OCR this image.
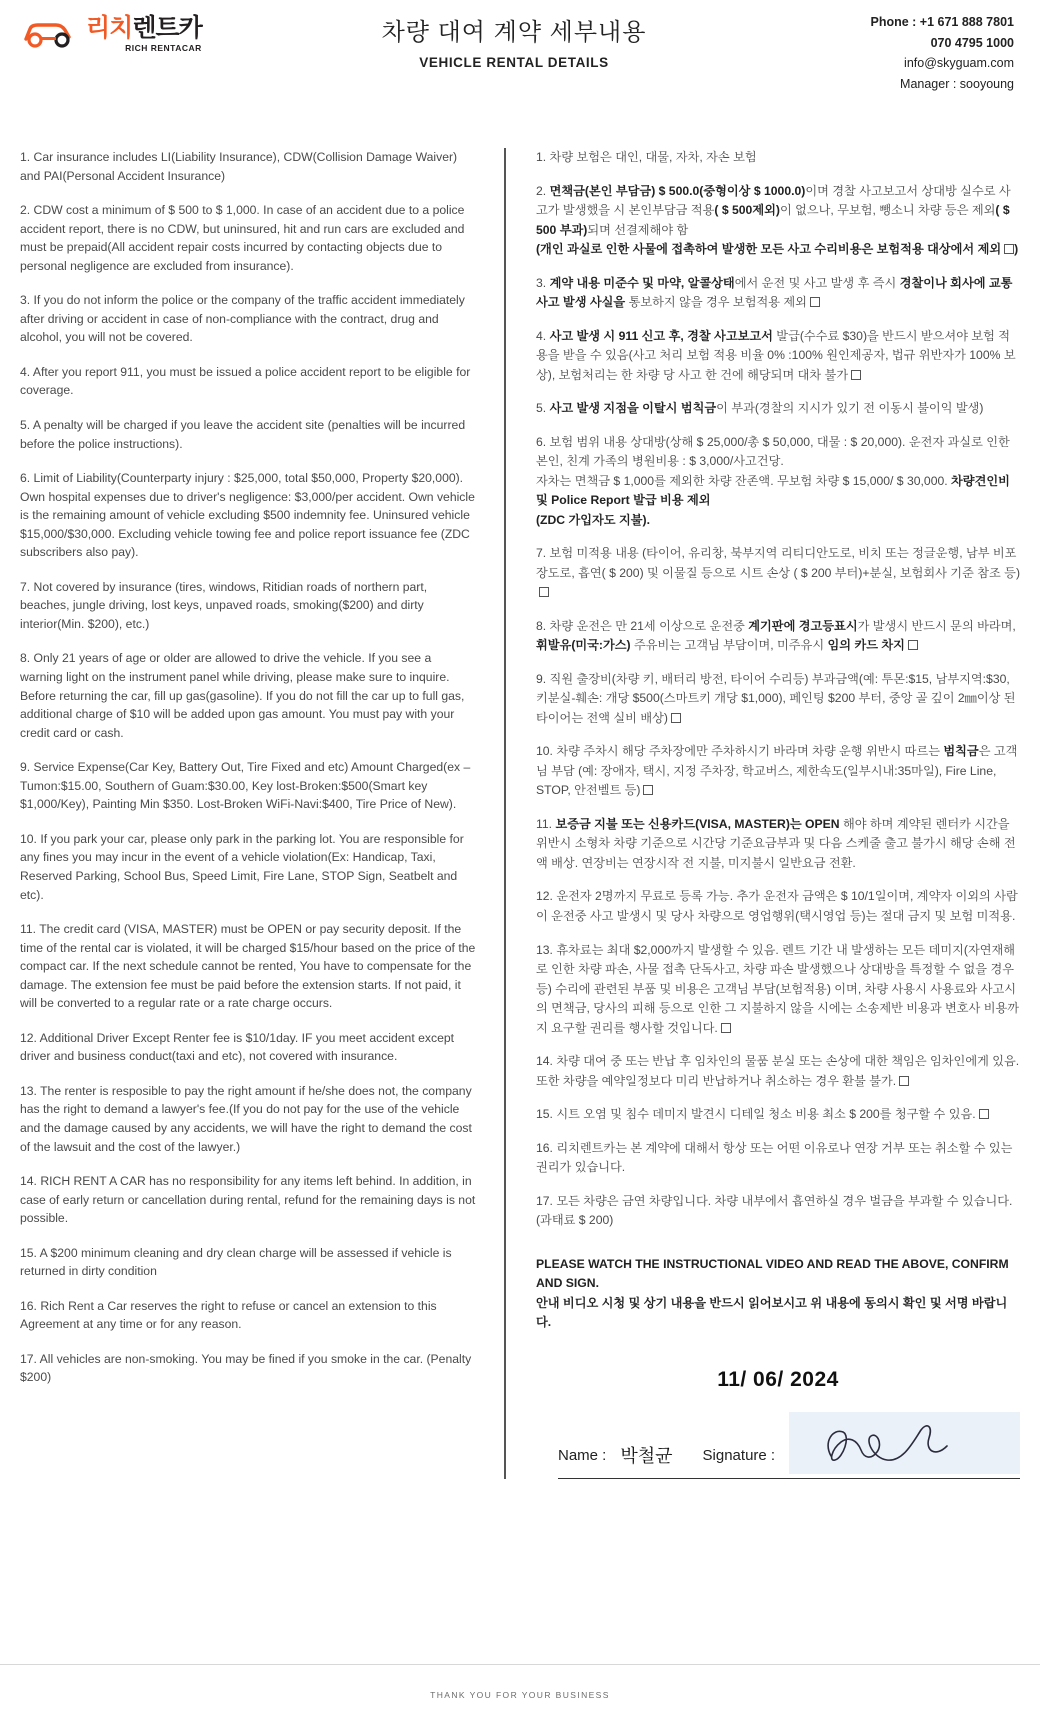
리치렌트카
RICH RENTACAR
차량 대여 계약 세부내용
VEHICLE RENTAL DETAILS
Phone : +1 671 888 7801
070 4795 1000
info@skyguam.com
Manager : sooyoung

1. Car insurance includes LI(Liability Insurance), CDW(Collision Damage Waiver) and PAI(Personal Accident Insurance)

2. CDW cost a minimum of $ 500 to $ 1,000. In case of an accident due to a police accident report, there is no CDW, but uninsured, hit and run cars are excluded and must be prepaid(All accident repair costs incurred by contacting objects due to personal negligence are excluded from insurance).

3. If you do not inform the police or the company of the traffic accident immediately after driving or accident in case of non-compliance with the contract, drug and alcohol, you will not be covered.

4. After you report 911, you must be issued a police accident report to be eligible for coverage.

5. A penalty will be charged if you leave the accident site (penalties will be incurred before the police instructions).

6. Limit of Liability(Counterparty injury : $25,000, total $50,000, Property $20,000). Own hospital expenses due to driver's negligence: $3,000/per accident. Own vehicle is the remaining amount of vehicle excluding $500 indemnity fee. Uninsured vehicle $15,000/$30,000. Excluding vehicle towing fee and police report issuance fee (ZDC subscribers also pay).

7. Not covered by insurance (tires, windows, Ritidian roads of northern part, beaches, jungle driving, lost keys, unpaved roads, smoking($200) and dirty interior(Min. $200), etc.)

8. Only 21 years of age or older are allowed to drive the vehicle. If you see a warning light on the instrument panel while driving, please make sure to inquire. Before returning the car, fill up gas(gasoline). If you do not fill the car up to full gas, additional charge of $10 will be added upon gas amount. You must pay with your credit card or cash.

9. Service Expense(Car Key, Battery Out, Tire Fixed and etc) Amount Charged(ex –Tumon:$15.00, Southern of Guam:$30.00, Key lost-Broken:$500(Smart key $1,000/Key), Painting Min $350. Lost-Broken WiFi-Navi:$400, Tire Price of New).

10. If you park your car, please only park in the parking lot. You are responsible for any fines you may incur in the event of a vehicle violation(Ex: Handicap, Taxi, Reserved Parking, School Bus, Speed Limit, Fire Lane, STOP Sign, Seatbelt and etc).

11. The credit card (VISA, MASTER) must be OPEN or pay security deposit. If the time of the rental car is violated, it will be charged $15/hour based on the price of the compact car. If the next schedule cannot be rented, You have to compensate for the damage. The extension fee must be paid before the extension starts. If not paid, it will be converted to a regular rate or a rate charge occurs.

12. Additional Driver Except Renter fee is $10/1day. IF you meet accident except driver and business conduct(taxi and etc), not covered with insurance.

13. The renter is resposible to pay the right amount if he/she does not, the company has the right to demand a lawyer's fee.(If you do not pay for the use of the vehicle and the damage caused by any accidents, we will have the right to demand the cost of the lawsuit and the cost of the lawyer.)

14. RICH RENT A CAR has no responsibility for any items left behind. In addition, in case of early return or cancellation during rental, refund for the remaining days is not possible.

15. A $200 minimum cleaning and dry clean charge will be assessed if vehicle is returned in dirty condition

16. Rich Rent a Car reserves the right to refuse or cancel an extension to this Agreement at any time or for any reason.

17. All vehicles are non-smoking. You may be fined if you smoke in the car. (Penalty $200)

1. 차량 보험은 대인, 대물, 자차, 자손 보험

2. 면책금(본인 부담금) $ 500.0(중형이상 $ 1000.0)이며 경찰 사고보고서 상대방 실수로 사고가 발생했을 시 본인부담금 적용( $ 500제외)이 없으나, 무보험, 뺑소니 차량 등은 제외( $ 500 부과)되며 선결제해야 함
(개인 과실로 인한 사물에 접촉하여 발생한 모든 사고 수리비용은 보험적용 대상에서 제외 )

3. 계약 내용 미준수 및 마약, 알콜상태에서 운전 및 사고 발생 후 즉시 경찰이나 회사에 교통 사고 발생 사실을 통보하지 않을 경우 보험적용 제외

4. 사고 발생 시 911 신고 후, 경찰 사고보고서 발급(수수료 $30)을 반드시 받으셔야 보험 적용을 받을 수 있음(사고 처리 보험 적용 비율 0% :100% 원인제공자, 법규 위반자가 100% 보상), 보험처리는 한 차량 당 사고 한 건에 해당되며 대차 불가

5. 사고 발생 지점을 이탈시 범칙금이 부과(경찰의 지시가 있기 전 이동시 불이익 발생)

6. 보험 범위 내용 상대방(상해 $ 25,000/총 $ 50,000, 대물 : $ 20,000). 운전자 과실로 인한 본인, 친계 가족의 병원비용 : $ 3,000/사고건당.
자차는 면책금 $ 1,000를 제외한 차량 잔존액. 무보험 차량 $ 15,000/ $ 30,000. 차량견인비 및 Police Report 발급 비용 제외
(ZDC 가입자도 지불).

7. 보험 미적용 내용 (타이어, 유리창, 북부지역 리티디안도로, 비치 또는 정글운행, 남부 비포장도로, 흡연( $ 200) 및 이물질 등으로 시트 손상 ( $ 200 부터)+분실, 보험회사 기준 참조 등)

8. 차량 운전은 만 21세 이상으로 운전중 계기판에 경고등표시가 발생시 반드시 문의 바라며, 휘발유(미국:가스) 주유비는 고객님 부담이며, 미주유시 임의 카드 차지

9. 직원 출장비(차량 키, 배터리 방전, 타이어 수리등) 부과금액(예: 투몬:$15, 남부지역:$30, 키분실-훼손: 개당 $500(스마트키 개당 $1,000), 페인팅 $200 부터, 중앙 골 깊이 2㎜이상 된 타이어는 전액 실비 배상)

10. 차량 주차시 해당 주차장에만 주차하시기 바라며 차량 운행 위반시 따르는 범칙금은 고객님 부담 (예: 장애자, 택시, 지정 주차장, 학교버스, 제한속도(일부시내:35마일), Fire Line, STOP, 안전벨트 등)

11. 보증금 지불 또는 신용카드(VISA, MASTER)는 OPEN 해야 하며 계약된 렌터카 시간을 위반시 소형차 차량 기준으로 시간당 기준요금부과 및 다음 스케줄 출고 불가시 해당 손해 전액 배상. 연장비는 연장시작 전 지불, 미지불시 일반요금 전환.

12. 운전자 2명까지 무료로 등록 가능. 추가 운전자 금액은 $ 10/1일이며, 계약자 이외의 사람이 운전중 사고 발생시 및 당사 차량으로 영업행위(택시영업 등)는 절대 금지 및 보험 미적용.

13. 휴차료는 최대 $2,000까지 발생할 수 있음. 렌트 기간 내 발생하는 모든 데미지(자연재해로 인한 차량 파손, 사물 접촉 단독사고, 차량 파손 발생했으나 상대방을 특정할 수 없을 경우 등) 수리에 관련된 부품 및 비용은 고객님 부담(보험적용) 이며, 차량 사용시 사용료와 사고시의 면책금, 당사의 피해 등으로 인한 그 지불하지 않을 시에는 소송제반 비용과 변호사 비용까지 요구할 권리를 행사할 것입니다.

14. 차량 대여 중 또는 반납 후 임차인의 물품 분실 또는 손상에 대한 책임은 임차인에게 있음. 또한 차량을 예약일정보다 미리 반납하거나 취소하는 경우 환불 불가.

15. 시트 오염 및 침수 데미지 발견시 디테일 청소 비용 최소 $ 200를 청구할 수 있음.

16. 리치렌트카는 본 계약에 대해서 항상 또는 어떤 이유로나 연장 거부 또는 취소할 수 있는 권리가 있습니다.

17. 모든 차량은 금연 차량입니다. 차량 내부에서 흡연하실 경우 벌금을 부과할 수 있습니다. (과태료 $ 200)

PLEASE WATCH THE INSTRUCTIONAL VIDEO AND READ THE ABOVE, CONFIRM AND SIGN.
안내 비디오 시청 및 상기 내용을 반드시 읽어보시고 위 내용에 동의시 확인 및 서명 바랍니다.
11/ 06/ 2024
Name : 박철균 Signature :
THANK YOU FOR YOUR BUSINESS
